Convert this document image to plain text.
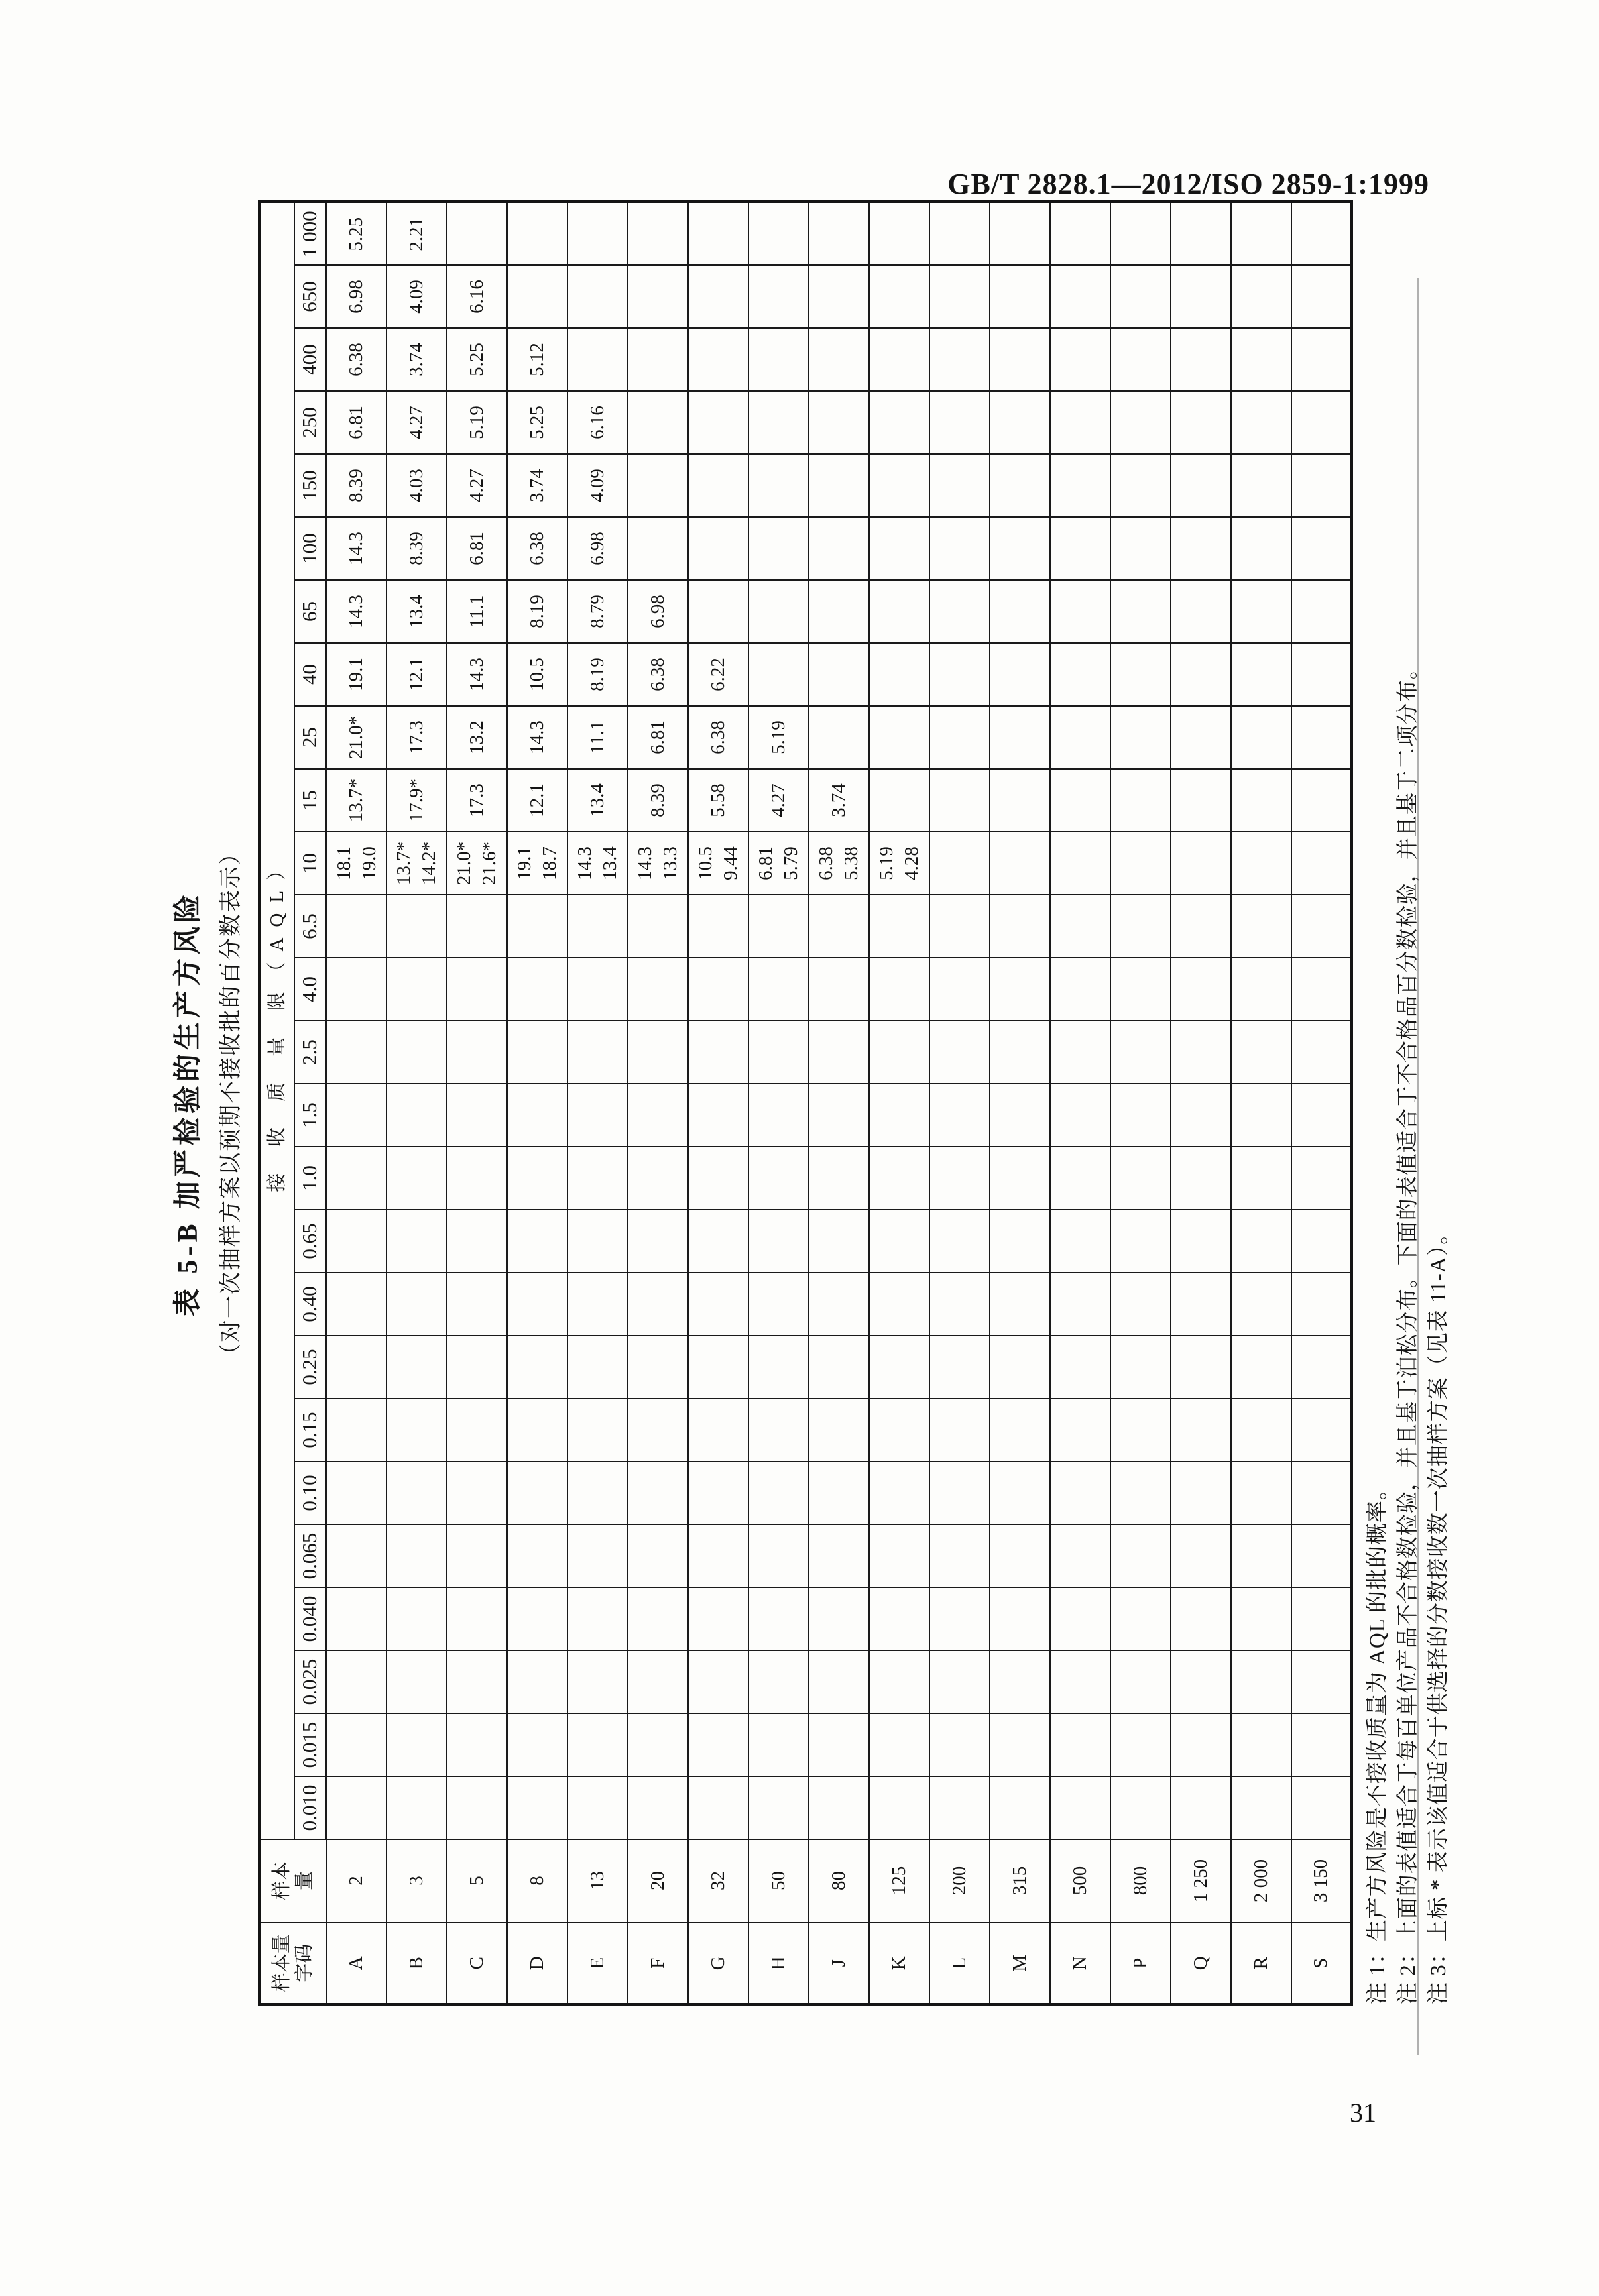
GB/T 2828.1—2012/ISO 2859-1:1999
表 5-B 加严检验的生产方风险 （对一次抽样方案以预期不接收批的百分数表示）
样本量 字码

样本 量
	接 收 质 量 限（AQL）
		0.010	0.015	0.025	0.040	0.065	0.10	0.15	0.25	0.40	0.65	1.0	1.5	2.5	4.0	6.5	10	15	25	40	65	100	150	250	400	650	1 000
A	2																18.1 19.0	13.7*	21.0*	19.1	14.3	14.3	8.39	6.81	6.38	6.98	5.25

B	3																13.7* 14.2*	17.9*	17.3	12.1	13.4	8.39	4.03	4.27	3.74	4.09	2.21

C	5																21.0* 21.6*	17.3	13.2	14.3	11.1	6.81	4.27	5.19	5.25	6.16	

D	8																19.1 18.7	12.1	14.3	10.5	8.19	6.38	3.74	5.25	5.12		

E	13																14.3 13.4	13.4	11.1	8.19	8.79	6.98	4.09	6.16			

F	20																14.3 13.3	8.39	6.81	6.38	6.98						

G	32																10.5 9.44	5.58	6.38	6.22							

H	50																6.81 5.79	4.27	5.19								

J	80																6.38 5.38	3.74									

K	125																5.19 4.28										

L	200						

M	315					

N	500				

P	800			

Q	1 250		

R	2 000	

S	3 150			
																							注 1：生产方风险是不接收质量为 AQL 的批的概率。 注 2：上面的表值适合于每百单位产品不合格数检验，并且基于泊松分布。下面的表值适合于不合格品百分数检验，并且基于二项分布。 注 3：上标 * 表示该值适合于供选择的分数接收数一次抽样方案（见表 11-A）。
31
